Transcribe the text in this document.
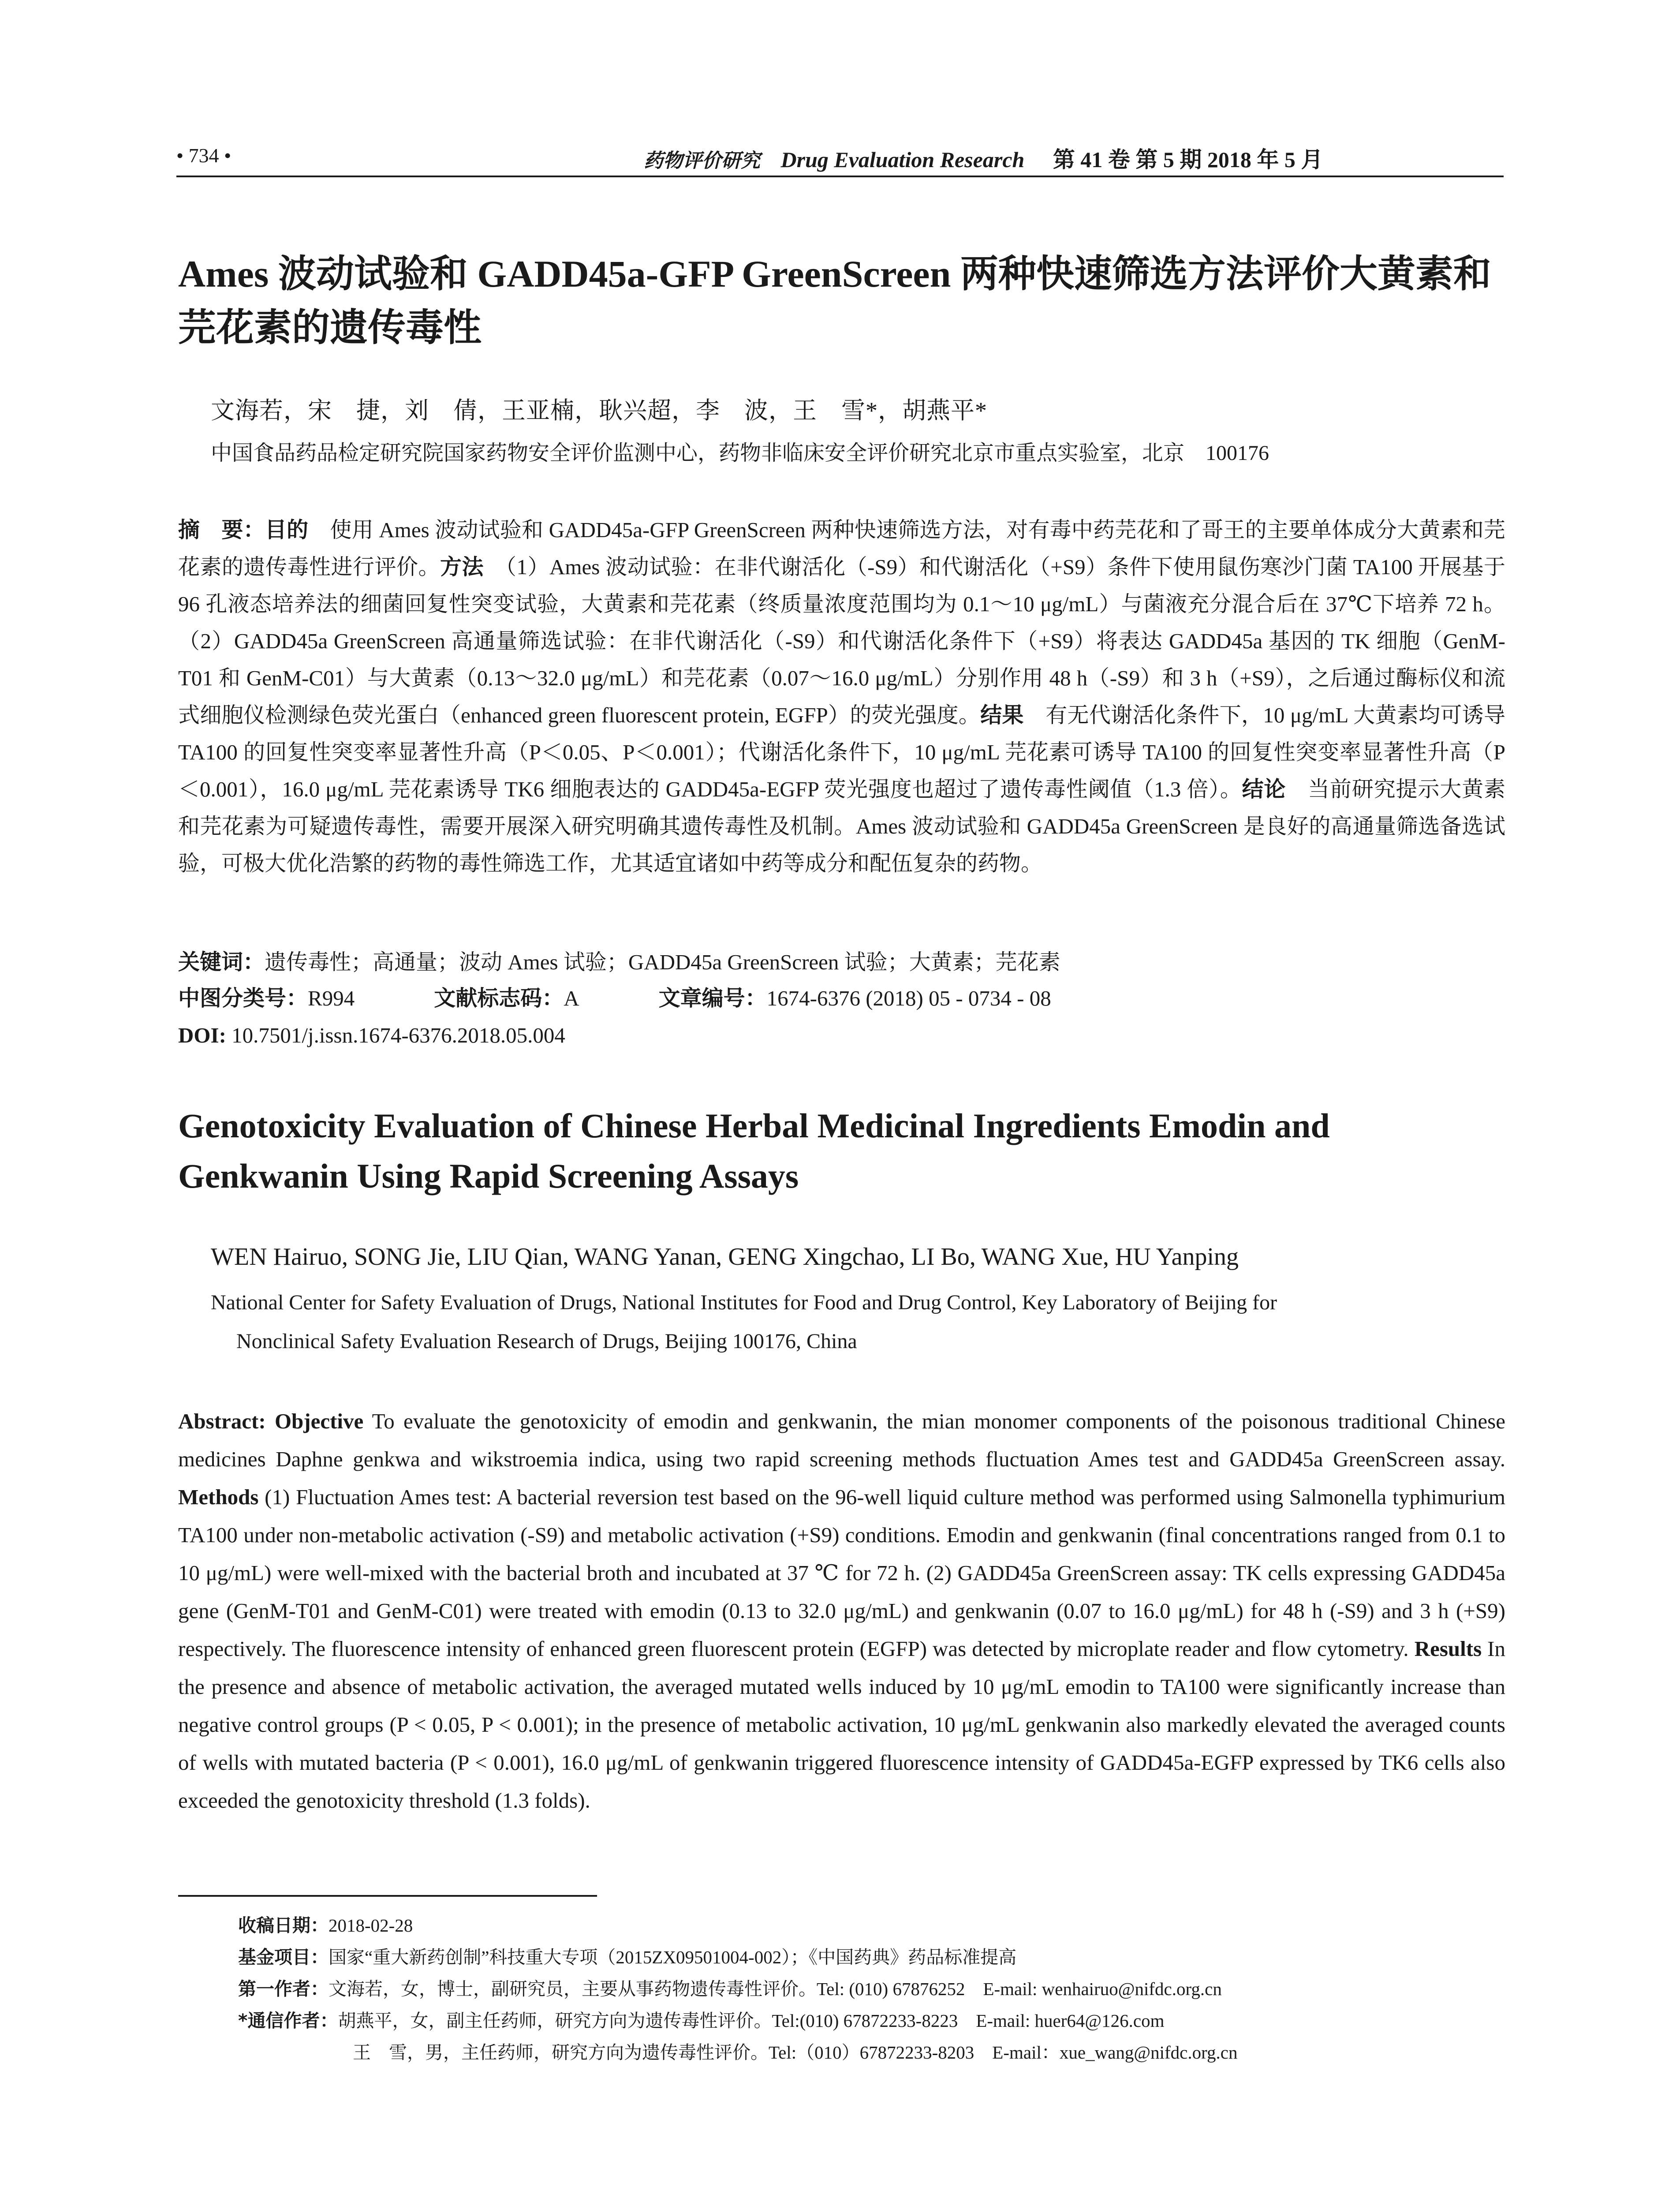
• 734 •	药物评价研究 Drug Evaluation Research 第 41 卷 第 5 期 2018 年 5 月
Ames 波动试验和 GADD45a-GFP GreenScreen 两种快速筛选方法评价大黄素和芫花素的遗传毒性
文海若，宋　捷，刘　倩，王亚楠，耿兴超，李　波，王　雪*，胡燕平*
中国食品药品检定研究院国家药物安全评价监测中心，药物非临床安全评价研究北京市重点实验室，北京　100176
摘　要：目的　使用 Ames 波动试验和 GADD45a-GFP GreenScreen 两种快速筛选方法，对有毒中药芫花和了哥王的主要单体成分大黄素和芫花素的遗传毒性进行评价。方法　（1）Ames 波动试验：在非代谢活化（-S9）和代谢活化（+S9）条件下使用鼠伤寒沙门菌 TA100 开展基于 96 孔液态培养法的细菌回复性突变试验，大黄素和芫花素（终质量浓度范围均为 0.1～10 μg/mL）与菌液充分混合后在 37℃下培养 72 h。（2）GADD45a GreenScreen 高通量筛选试验：在非代谢活化（-S9）和代谢活化条件下（+S9）将表达 GADD45a 基因的 TK 细胞（GenM-T01 和 GenM-C01）与大黄素（0.13～32.0 μg/mL）和芫花素（0.07～16.0 μg/mL）分别作用 48 h（-S9）和 3 h（+S9），之后通过酶标仪和流式细胞仪检测绿色荧光蛋白（enhanced green fluorescent protein, EGFP）的荧光强度。结果　有无代谢活化条件下，10 μg/mL 大黄素均可诱导 TA100 的回复性突变率显著性升高（P＜0.05、P＜0.001）；代谢活化条件下，10 μg/mL 芫花素可诱导 TA100 的回复性突变率显著性升高（P＜0.001），16.0 μg/mL 芫花素诱导 TK6 细胞表达的 GADD45a-EGFP 荧光强度也超过了遗传毒性阈值（1.3 倍）。结论　当前研究提示大黄素和芫花素为可疑遗传毒性，需要开展深入研究明确其遗传毒性及机制。Ames 波动试验和 GADD45a GreenScreen 是良好的高通量筛选备选试验，可极大优化浩繁的药物的毒性筛选工作，尤其适宜诸如中药等成分和配伍复杂的药物。
关键词：遗传毒性；高通量；波动 Ames 试验；GADD45a GreenScreen 试验；大黄素；芫花素
中图分类号：R994	文献标志码：A	文章编号：1674-6376 (2018) 05 - 0734 - 08
DOI: 10.7501/j.issn.1674-6376.2018.05.004
Genotoxicity Evaluation of Chinese Herbal Medicinal Ingredients Emodin and Genkwanin Using Rapid Screening Assays
WEN Hairuo, SONG Jie, LIU Qian, WANG Yanan, GENG Xingchao, LI Bo, WANG Xue, HU Yanping
National Center for Safety Evaluation of Drugs, National Institutes for Food and Drug Control, Key Laboratory of Beijing for
Nonclinical Safety Evaluation Research of Drugs, Beijing 100176, China
Abstract: Objective To evaluate the genotoxicity of emodin and genkwanin, the mian monomer components of the poisonous traditional Chinese medicines Daphne genkwa and wikstroemia indica, using two rapid screening methods fluctuation Ames test and GADD45a GreenScreen assay. Methods (1) Fluctuation Ames test: A bacterial reversion test based on the 96-well liquid culture method was performed using Salmonella typhimurium TA100 under non-metabolic activation (-S9) and metabolic activation (+S9) conditions. Emodin and genkwanin (final concentrations ranged from 0.1 to 10 μg/mL) were well-mixed with the bacterial broth and incubated at 37 ℃ for 72 h. (2) GADD45a GreenScreen assay: TK cells expressing GADD45a gene (GenM-T01 and GenM-C01) were treated with emodin (0.13 to 32.0 μg/mL) and genkwanin (0.07 to 16.0 μg/mL) for 48 h (-S9) and 3 h (+S9) respectively. The fluorescence intensity of enhanced green fluorescent protein (EGFP) was detected by microplate reader and flow cytometry. Results In the presence and absence of metabolic activation, the averaged mutated wells induced by 10 μg/mL emodin to TA100 were significantly increase than negative control groups (P < 0.05, P < 0.001); in the presence of metabolic activation, 10 μg/mL genkwanin also markedly elevated the averaged counts of wells with mutated bacteria (P < 0.001), 16.0 μg/mL of genkwanin triggered fluorescence intensity of GADD45a-EGFP expressed by TK6 cells also exceeded the genotoxicity threshold (1.3 folds).
收稿日期：2018-02-28
基金项目：国家“重大新药创制”科技重大专项（2015ZX09501004-002）；《中国药典》药品标准提高
第一作者：文海若，女，博士，副研究员，主要从事药物遗传毒性评价。Tel: (010) 67876252　E-mail: wenhairuo@nifdc.org.cn
*通信作者：胡燕平，女，副主任药师，研究方向为遗传毒性评价。Tel:(010) 67872233-8223　E-mail: huer64@126.com
王　雪，男，主任药师，研究方向为遗传毒性评价。Tel:（010）67872233-8203　E-mail：xue_wang@nifdc.org.cn
